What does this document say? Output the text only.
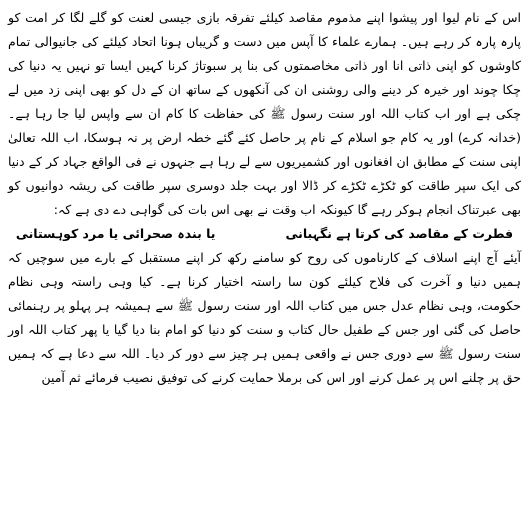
اس کے نام لیوا اور پیشوا اپنے مذموم مقاصد کیلئے تفرقہ بازی جیسی لعنت کو گلے لگا کر امت کو پارہ پارہ کر رہے ہیں۔ ہمارے علماء کا آپس میں دست و گریباں ہونا اتحاد کیلئے کی جانیوالی تمام کاوشوں کو اپنی ذاتی انا اور ذاتی مخاصمتوں کی بنا پر سبوتاژ کرنا کہیں ایسا تو نہیں یہ دنیا کی چکا چوند اور خیرہ کر دینے والی روشنی ان کی آنکھوں کے ساتھ ان کے دل کو بھی اپنی زد میں لے چکی ہے اور اب کتاب اللہ اور سنت رسول ﷺ کی حفاظت کا کام ان سے واپس لیا جا رہا ہے۔ (خدانہ کرے) اور یہ کام جو اسلام کے نام پر حاصل کئے گئے خطہ ارض پر نہ ہوسکا، اب اللہ تعالیٰ اپنی سنت کے مطابق ان افغانوں اور کشمیریوں سے لے رہا ہے جنہوں نے فی الواقع جہاد کر کے دنیا کی ایک سپر طاقت کو ٹکڑے ٹکڑے کر ڈالا اور بہت جلد دوسری سپر طاقت کی ریشہ دوانیوں کو بھی عبرتناک انجام ہوکر رہے گا کیونکہ اب وقت نے بھی اس بات کی گواہی دے دی ہے کہ:

فطرت کے مقاصد کی کرتا ہے نگہبانی
یا بندہ صحرائی یا مرد کوہستانی

آیئے آج اپنے اسلاف کے کارناموں کی روح کو سامنے رکھ کر اپنے مستقبل کے بارے میں سوچیں کہ ہمیں دنیا و آخرت کی فلاح کیلئے کون سا راستہ اختیار کرنا ہے۔ کیا وہی راستہ وہی نظام حکومت، وہی نظام عدل جس میں کتاب اللہ اور سنت رسول ﷺ سے ہمیشہ ہر پہلو پر رہنمائی حاصل کی گئی اور جس کے طفیل حال کتاب و سنت کو دنیا کو امام بنا دیا گیا یا پھر کتاب اللہ اور سنت رسول ﷺ سے دوری جس نے واقعی ہمیں ہر چیز سے دور کر دیا۔ اللہ سے دعا ہے کہ ہمیں حق پر چلنے اس پر عمل کرنے اور اس کی برملا حمایت کرنے کی توفیق نصیب فرمائے ثم آمین
